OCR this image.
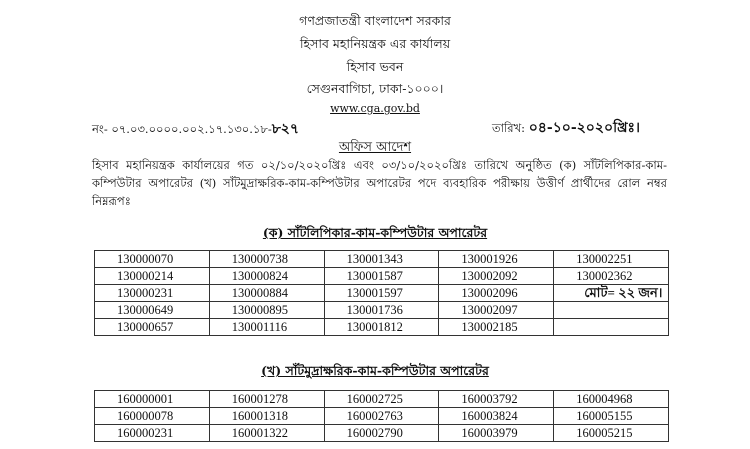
গণপ্রজাতন্ত্রী বাংলাদেশ সরকার
হিসাব মহানিয়ন্ত্রক এর কার্যালয়
হিসাব ভবন
সেগুনবাগিচা, ঢাকা-১০০০।
www.cga.gov.bd
নং- ০৭.০৩.০০০০.০০২.১৭.১৩০.১৮-৮২৭	তারিখ: ০৪-১০-২০২০খ্রিঃ।
অফিস আদেশ
হিসাব মহানিয়ন্ত্রক কার্যালয়ের গত ০২/১০/২০২০খ্রিঃ এবং ০৩/১০/২০২০খ্রিঃ তারিখে অনুষ্ঠিত (ক) সাঁটলিপিকার-কাম-কম্পিউটার অপারেটর (খ) সাঁটমুদ্রাক্ষরিক-কাম-কম্পিউটার অপারেটর পদে ব্যবহারিক পরীক্ষায় উত্তীর্ণ প্রার্থীদের রোল নম্বর নিম্নরূপঃ
(ক) সাঁটলিপিকার-কাম-কম্পিউটার অপারেটর
130000070	130000738	130001343	130001926	130002251
130000214	130000824	130001587	130002092	130002362
130000231	130000884	130001597	130002096	মোট= ২২ জন।
130000649	130000895	130001736	130002097	
130000657	130001116	130001812	130002185	
(খ) সাঁটমুদ্রাক্ষরিক-কাম-কম্পিউটার অপারেটর
160000001	160001278	160002725	160003792	160004968
160000078	160001318	160002763	160003824	160005155
160000231	160001322	160002790	160003979	160005215
